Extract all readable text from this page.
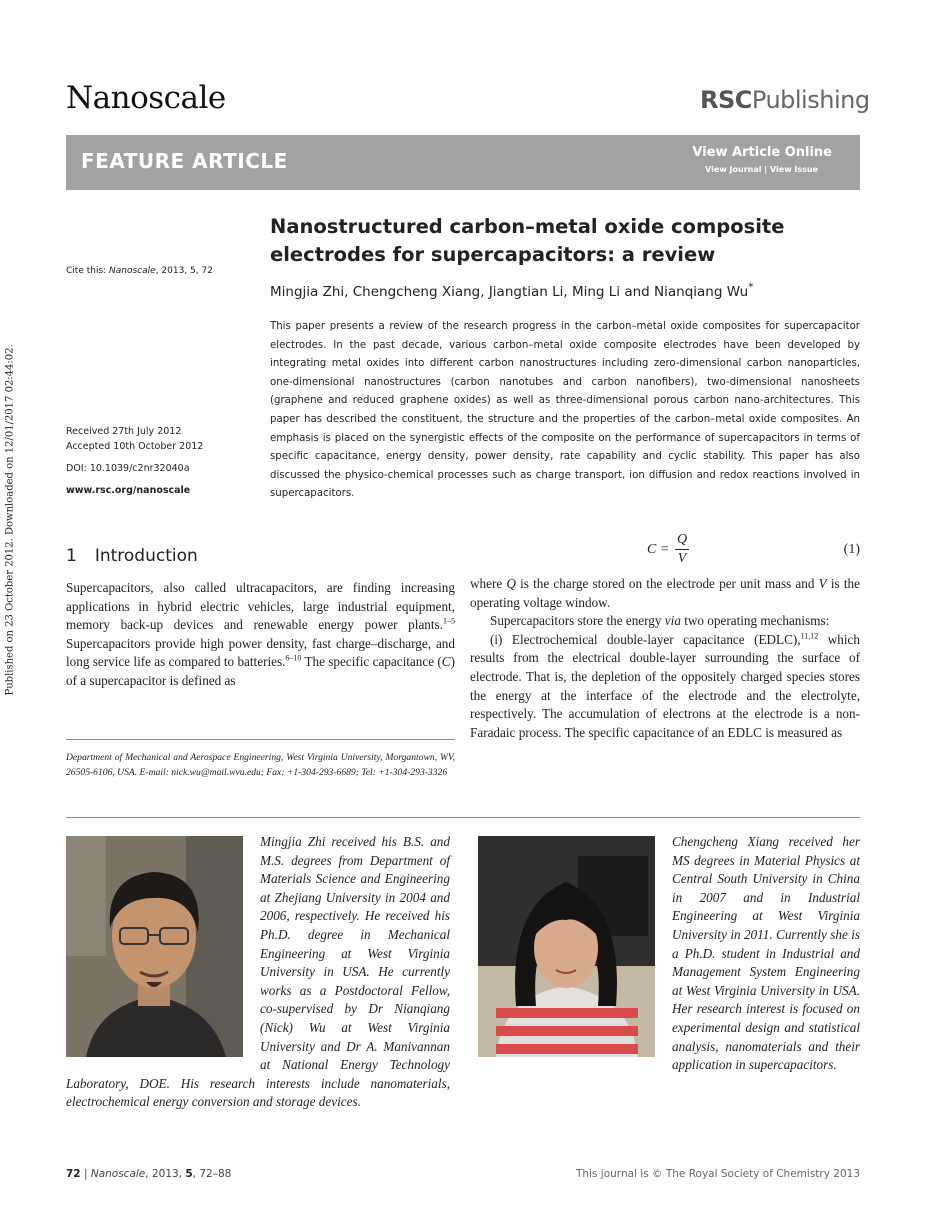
Nanoscale	RSCPublishing
FEATURE ARTICLE	View Article Online
View Journal | View Issue
Published on 23 October 2012. Downloaded on 12/01/2017 02:44:02.
Cite this: Nanoscale, 2013, 5, 72
Nanostructured carbon–metal oxide composite electrodes for supercapacitors: a review
Mingjia Zhi, Chengcheng Xiang, Jiangtian Li, Ming Li and Nianqiang Wu*
This paper presents a review of the research progress in the carbon–metal oxide composites for supercapacitor electrodes. In the past decade, various carbon–metal oxide composite electrodes have been developed by integrating metal oxides into different carbon nanostructures including zero-dimensional carbon nanoparticles, one-dimensional nanostructures (carbon nanotubes and carbon nanofibers), two-dimensional nanosheets (graphene and reduced graphene oxides) as well as three-dimensional porous carbon nano-architectures. This paper has described the constituent, the structure and the properties of the carbon–metal oxide composites. An emphasis is placed on the synergistic effects of the composite on the performance of supercapacitors in terms of specific capacitance, energy density, power density, rate capability and cyclic stability. This paper has also discussed the physico-chemical processes such as charge transport, ion diffusion and redox reactions involved in supercapacitors.
Received 27th July 2012
Accepted 10th October 2012
DOI: 10.1039/c2nr32040a
www.rsc.org/nanoscale
1 Introduction

Supercapacitors, also called ultracapacitors, are finding increasing applications in hybrid electric vehicles, large industrial equipment, memory back-up devices and renewable energy power plants.$^{1-5}$ Supercapacitors provide high power density, fast charge–discharge, and long service life as compared to batteries.$^{6-10}$ The specific capacitance (C) of a supercapacitor is defined as

Department of Mechanical and Aerospace Engineering, West Virginia University, Morgantown, WV, 26505-6106, USA. E-mail: nick.wu@mail.wvu.edu; Fax: +1-304-293-6689; Tel: +1-304-293-3326
C =
Q
V
(1)

where Q is the charge stored on the electrode per unit mass and V is the operating voltage window.

Supercapacitors store the energy via two operating mechanisms:

(i) Electrochemical double-layer capacitance (EDLC),$^{11,12}$ which results from the electrical double-layer surrounding the surface of electrode. That is, the depletion of the oppositely charged species stores the energy at the interface of the electrode and the electrolyte, respectively. The accumulation of electrons at the electrode is a non-Faradaic process. The specific capacitance of an EDLC is measured as

Mingjia Zhi received his B.S. and M.S. degrees from Department of Materials Science and Engineering at Zhejiang University in 2004 and 2006, respectively. He received his Ph.D. degree in Mechanical Engineering at West Virginia University in USA. He currently works as a Postdoctoral Fellow, co-supervised by Dr Nianqiang (Nick) Wu at West Virginia University and Dr A. Manivannan at National Energy Technology Laboratory, DOE. His research interests include nanomaterials, electrochemical energy conversion and storage devices.
Chengcheng Xiang received her MS degrees in Material Physics at Central South University in China in 2007 and in Industrial Engineering at West Virginia University in 2011. Currently she is a Ph.D. student in Industrial and Management System Engineering at West Virginia University in USA. Her research interest is focused on experimental design and statistical analysis, nanomaterials and their application in supercapacitors.
72 | Nanoscale, 2013, 5, 72–88	This journal is © The Royal Society of Chemistry 2013
